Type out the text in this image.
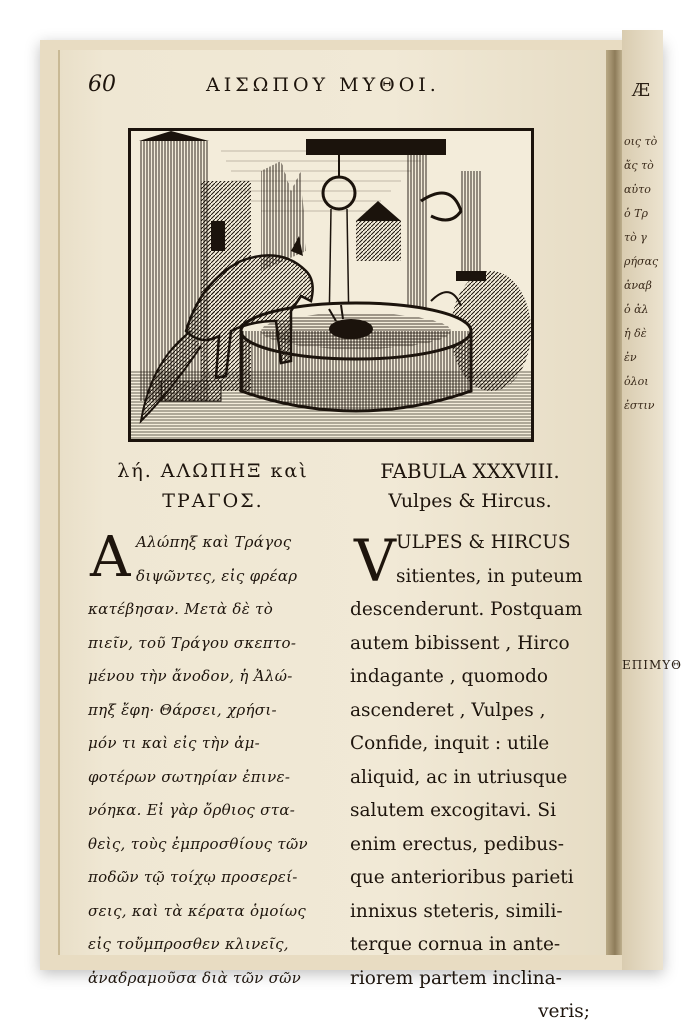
Æ
οις τὸ
ἄς τὸ
αὐτο
ὁ Τρ
τὸ γ
ρήσας
ἀναβ
ὁ ἀλ
ἡ δὲ
ἐν
ὁλοι
ἐστιν
ΕΠΙΜΥΘ
60	ΑΙΣΩΠΟΥ ΜΥΘΟΙ.
λή. ΑΛΩΠΗΞ καὶ
ΤΡΑΓΟΣ.
Α Αλώπηξ καὶ Τράγος
διψῶντες, εἰς φρέαρ
κατέβησαν. Μετὰ δὲ τὸ
πιεῖν, τοῦ Τράγου σκεπτο-
μένου τὴν ἄνοδον, ἡ Ἀλώ-
πηξ ἔφη· Θάρσει, χρήσι-
μόν τι καὶ εἰς τὴν ἀμ-
φοτέρων σωτηρίαν ἐπινε-
νόηκα. Εἰ γὰρ ὄρθιος στα-
θεὶς, τοὺς ἐμπροσθίους τῶν
ποδῶν τῷ τοίχῳ προσερεί-
σεις, καὶ τὰ κέρατα ὁμοίως
εἰς τοὔμπροσθεν κλινεῖς,
ἀναδραμοῦσα διὰ τῶν σῶν
FABULA XXXVIII.
Vulpes & Hircus.
V ULPES & HIRCUS
sitientes, in puteum
descenderunt. Postquam
autem bibissent , Hirco
indagante , quomodo
ascenderet , Vulpes ,
Confide, inquit : utile
aliquid, ac in utriusque
salutem excogitavi. Si
enim erectus, pedibus-
que anterioribus parieti
innixus steteris, simili-
terque cornua in ante-
riorem partem inclina-
veris;
